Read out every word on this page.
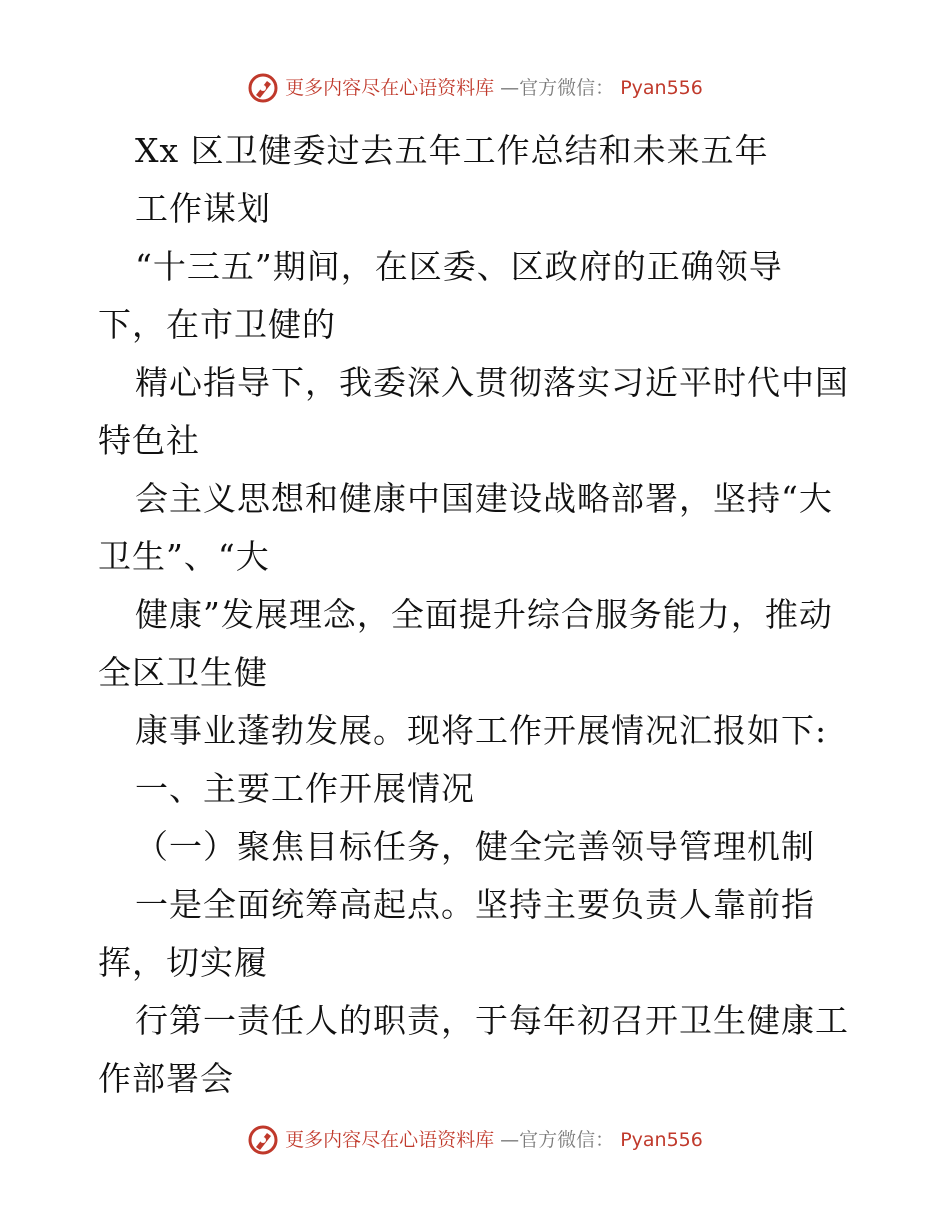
更多内容尽在心语资料库 —官方微信： Pyan556
Xx 区卫健委过去五年工作总结和未来五年
工作谋划
“十三五”期间，在区委、区政府的正确领导
下，在市卫健的
精心指导下，我委深入贯彻落实习近平时代中国
特色社
会主义思想和健康中国建设战略部署，坚持“大
卫生”、“大
健康”发展理念，全面提升综合服务能力，推动
全区卫生健
康事业蓬勃发展。现将工作开展情况汇报如下:
一、主要工作开展情况
（一）聚焦目标任务，健全完善领导管理机制
一是全面统筹高起点。坚持主要负责人靠前指
挥，切实履
行第一责任人的职责，于每年初召开卫生健康工
作部署会
更多内容尽在心语资料库 —官方微信： Pyan556
